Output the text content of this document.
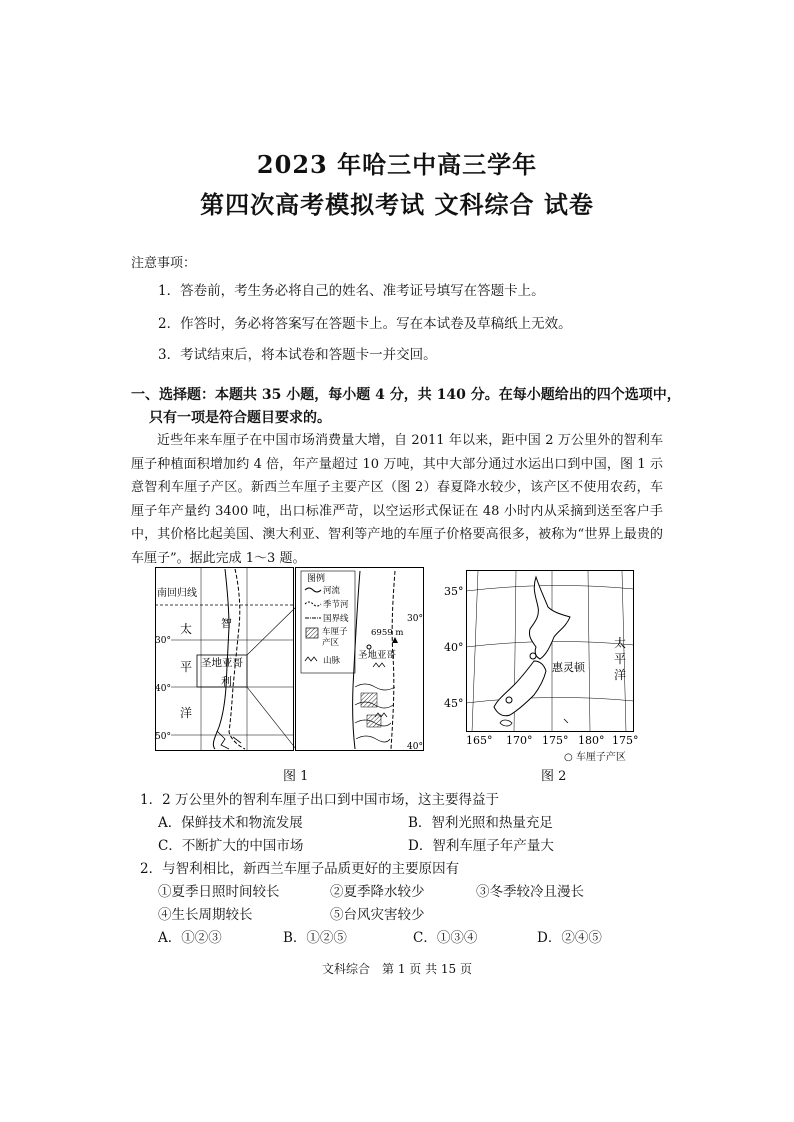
2023 年哈三中高三学年
第四次高考模拟考试 文科综合 试卷
注意事项：
1．答卷前，考生务必将自己的姓名、准考证号填写在答题卡上。
2．作答时，务必将答案写在答题卡上。写在本试卷及草稿纸上无效。
3．考试结束后，将本试卷和答题卡一并交回。
一、选择题：本题共 35 小题，每小题 4 分，共 140 分。在每小题给出的四个选项中，
只有一项是符合题目要求的。

近些年来车厘子在中国市场消费量大增，自 2011 年以来，距中国 2 万公里外的智利车厘子种植面积增加约 4 倍，年产量超过 10 万吨，其中大部分通过水运出口到中国，图 1 示意智利车厘子产区。新西兰车厘子主要产区（图 2）春夏降水较少，该产区不使用农药，车厘子年产量约 3400 吨，出口标准严苛，以空运形式保证在 48 小时内从采摘到送至客户手中，其价格比起美国、澳大利亚、智利等产地的车厘子价格要高很多，被称为“世界上最贵的车厘子”。据此完成 1～3 题。

南回归线
30°
40°
50°
太
平
洋
智
利
圣地亚哥
图例
河流
季节河
国界线
车厘子
产区
山脉
6959 m
圣地亚哥
30°
40°
图 1
惠灵顿
太
平
洋
35°
40°
45°
165° 170° 175° 180° 175°
○ 车厘子产区
图 2
1．2 万公里外的智利车厘子出口到中国市场，这主要得益于
A．保鲜技术和物流发展	B．智利光照和热量充足
C．不断扩大的中国市场	D．智利车厘子年产量大
2．与智利相比，新西兰车厘子品质更好的主要原因有
①夏季日照时间较长	②夏季降水较少	③冬季较冷且漫长
④生长周期较长	⑤台风灾害较少
A．①②③	B．①②⑤	C．①③④	D．②④⑤
文科综合　第 1 页 共 15 页
